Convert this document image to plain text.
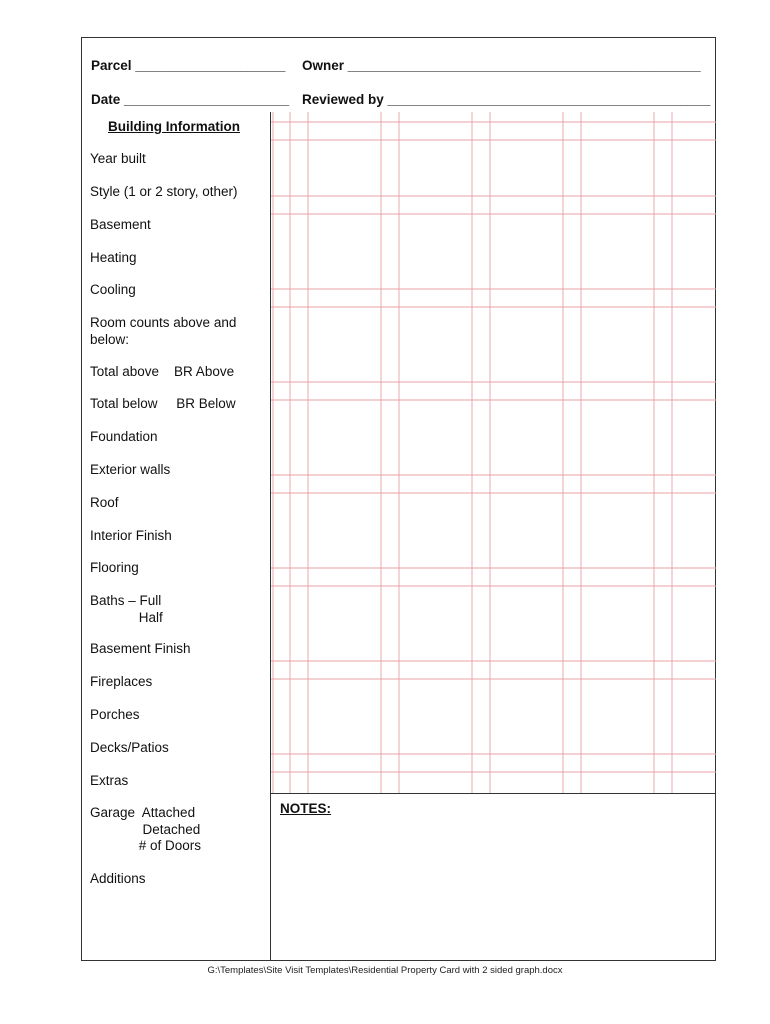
Parcel ____________________ Owner _______________________________________________
Date ______________________ Reviewed by ___________________________________________
Building Information
Year built
Style (1 or 2 story, other)
Basement
Heating
Cooling
Room counts above and
below:
Total above    BR Above
Total below     BR Below
Foundation
Exterior walls
Roof
Interior Finish
Flooring
Baths – Full
Half
Basement Finish
Fireplaces
Porches
Decks/Patios
Extras
Garage  Attached
Detached
# of Doors
Additions
NOTES:
G:\Templates\Site Visit Templates\Residential Property Card with 2 sided graph.docx
